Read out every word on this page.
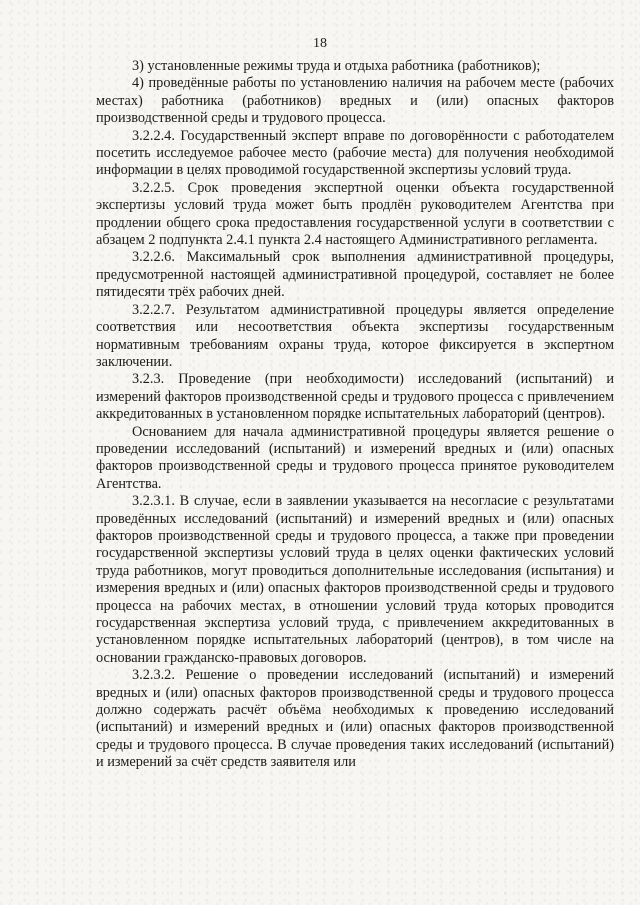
18

3) установленные режимы труда и отдыха работника (работников);

4) проведённые работы по установлению наличия на рабочем месте (рабочих местах) работника (работников) вредных и (или) опасных факторов производственной среды и трудового процесса.

3.2.2.4. Государственный эксперт вправе по договорённости с работодателем посетить исследуемое рабочее место (рабочие места) для получения необходимой информации в целях проводимой государственной экспертизы условий труда.

3.2.2.5. Срок проведения экспертной оценки объекта государственной экспертизы условий труда может быть продлён руководителем Агентства при продлении общего срока предоставления государственной услуги в соответствии с абзацем 2 подпункта 2.4.1 пункта 2.4 настоящего Административного регламента.

3.2.2.6. Максимальный срок выполнения административной процедуры, предусмотренной настоящей административной процедурой, составляет не более пятидесяти трёх рабочих дней.

3.2.2.7. Результатом административной процедуры является определение соответствия или несоответствия объекта экспертизы государственным нормативным требованиям охраны труда, которое фиксируется в экспертном заключении.

3.2.3. Проведение (при необходимости) исследований (испытаний) и измерений факторов производственной среды и трудового процесса с привлечением аккредитованных в установленном порядке испытательных лабораторий (центров).

Основанием для начала административной процедуры является решение о проведении исследований (испытаний) и измерений вредных и (или) опасных факторов производственной среды и трудового процесса принятое руководителем Агентства.

3.2.3.1. В случае, если в заявлении указывается на несогласие с результатами проведённых исследований (испытаний) и измерений вредных и (или) опасных факторов производственной среды и трудового процесса, а также при проведении государственной экспертизы условий труда в целях оценки фактических условий труда работников, могут проводиться дополнительные исследования (испытания) и измерения вредных и (или) опасных факторов производственной среды и трудового процесса на рабочих местах, в отношении условий труда которых проводится государственная экспертиза условий труда, с привлечением аккредитованных в установленном порядке испытательных лабораторий (центров), в том числе на основании гражданско-правовых договоров.

3.2.3.2. Решение о проведении исследований (испытаний) и измерений вредных и (или) опасных факторов производственной среды и трудового процесса должно содержать расчёт объёма необходимых к проведению исследований (испытаний) и измерений вредных и (или) опасных факторов производственной среды и трудового процесса. В случае проведения таких исследований (испытаний) и измерений за счёт средств заявителя или
